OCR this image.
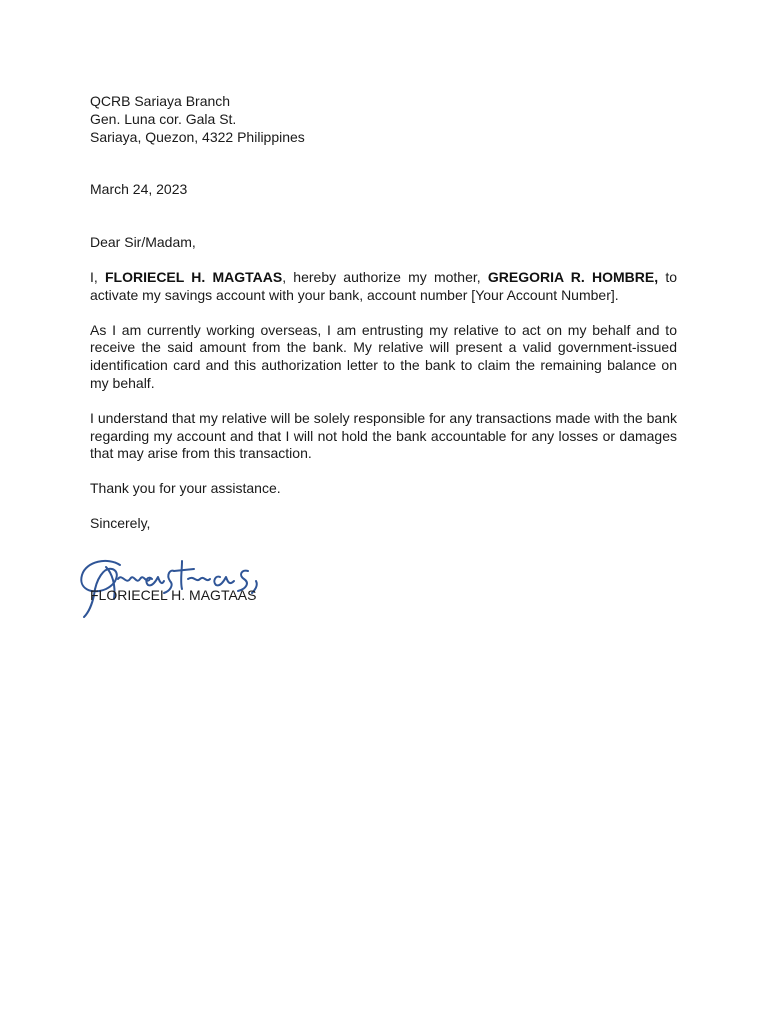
QCRB Sariaya Branch
Gen. Luna cor. Gala St.
Sariaya, Quezon, 4322 Philippines
March 24, 2023
Dear Sir/Madam,

I, FLORIECEL H. MAGTAAS, hereby authorize my mother, GREGORIA R. HOMBRE, to activate my savings account with your bank, account number [Your Account Number].

As I am currently working overseas, I am entrusting my relative to act on my behalf and to receive the said amount from the bank. My relative will present a valid government-issued identification card and this authorization letter to the bank to claim the remaining balance on my behalf.

I understand that my relative will be solely responsible for any transactions made with the bank regarding my account and that I will not hold the bank accountable for any losses or damages that may arise from this transaction.

Thank you for your assistance.
Sincerely,
FLORIECEL H. MAGTAAS
